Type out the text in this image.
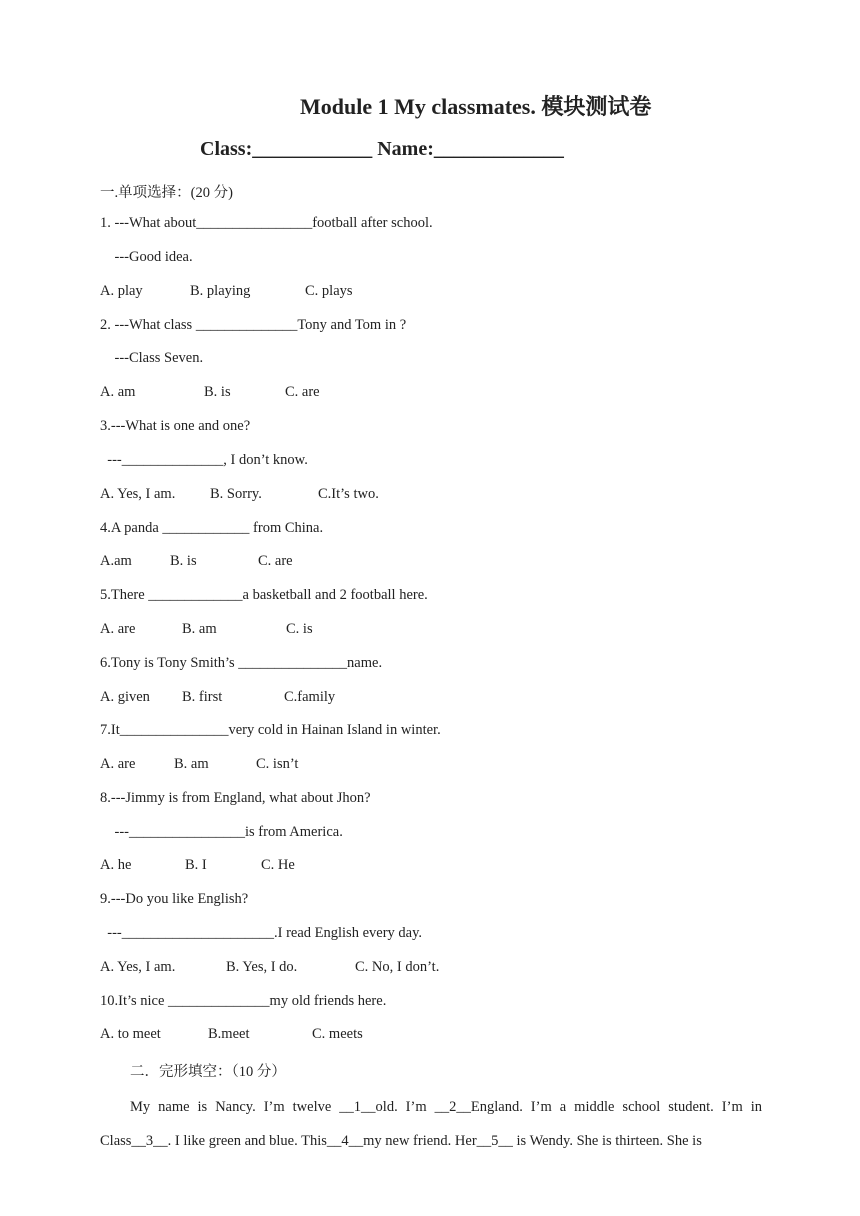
Module 1 My classmates. 模块测试卷
Class:____________ Name:_____________
一.单项选择：(20 分)
1. ---What about________________football after school.
---Good idea.
A. play	B. playing	C. plays
2. ---What class ______________Tony and Tom in ?
---Class Seven.
A. am	B. is	C. are
3.---What is one and one?
---______________, I don’t know.
A. Yes, I am. B. Sorry.	C.It’s two.
4.A panda ____________ from China.
A.am	B. is	C. are
5.There _____________a basketball and 2 football here.
A. are	B. am	C. is
6.Tony is Tony Smith’s _______________name.
A. given B. first	C.family
7.It_______________very cold in Hainan Island in winter.
A. are	B. am	C. isn’t
8.---Jimmy is from England, what about Jhon?
---________________is from America.
A. he	B. I	C. He
9.---Do you like English?
---_____________________.I read English every day.
A. Yes, I am.	B. Yes, I do.	C. No, I don’t.
10.It’s nice ______________my old friends here.
A. to meet	B.meet	C. meets
二．完形填空：（10 分）
My name is Nancy. I’m twelve __1__old. I’m __2__England. I’m a middle school student. I’m in Class__3__. I like green and blue. This__4__my new friend. Her__5__ is Wendy. She is thirteen. She is
